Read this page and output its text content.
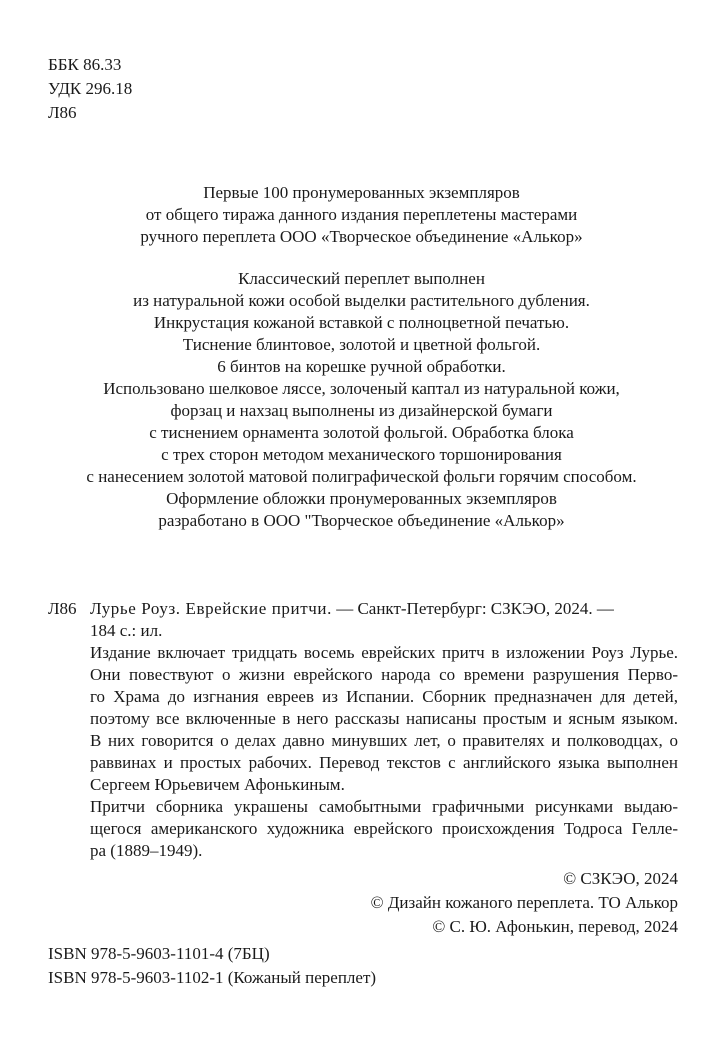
ББК 86.33
УДК 296.18
Л86
Первые 100 пронумерованных экземпляров
от общего тиража данного издания переплетены мастерами
ручного переплета ООО «Творческое объединение «Алькор»
Классический переплет выполнен
из натуральной кожи особой выделки растительного дубления.
Инкрустация кожаной вставкой с полноцветной печатью.
Тиснение блинтовое, золотой и цветной фольгой.
6 бинтов на корешке ручной обработки.
Использовано шелковое ляссе, золоченый каптал из натуральной кожи,
форзац и нахзац выполнены из дизайнерской бумаги
с тиснением орнамента золотой фольгой. Обработка блока
с трех сторон методом механического торшонирования
с нанесением золотой матовой полиграфической фольги горячим способом.
Оформление обложки пронумерованных экземпляров
разработано в ООО "Творческое объединение «Алькор»
Л86 Лурье Роуз. Еврейские притчи. — Санкт-Петербург: СЗКЭО, 2024. —
184 с.: ил.
Издание включает тридцать восемь еврейских притч в изложении Роуз Лурье.
Они повествуют о жизни еврейского народа со времени разрушения Перво-
го Храма до изгнания евреев из Испании. Сборник предназначен для детей,
поэтому все включенные в него рассказы написаны простым и ясным языком.
В них говорится о делах давно минувших лет, о правителях и полководцах, о
раввинах и простых рабочих. Перевод текстов с английского языка выполнен
Сергеем Юрьевичем Афонькиным.
Притчи сборника украшены самобытными графичными рисунками выдаю-
щегося американского художника еврейского происхождения Тодроса Гелле-
ра (1889–1949).
© СЗКЭО, 2024
© Дизайн кожаного переплета. ТО Алькор
© С. Ю. Афонькин, перевод, 2024
ISBN 978-5-9603-1101-4 (7БЦ)
ISBN 978-5-9603-1102-1 (Кожаный переплет)
